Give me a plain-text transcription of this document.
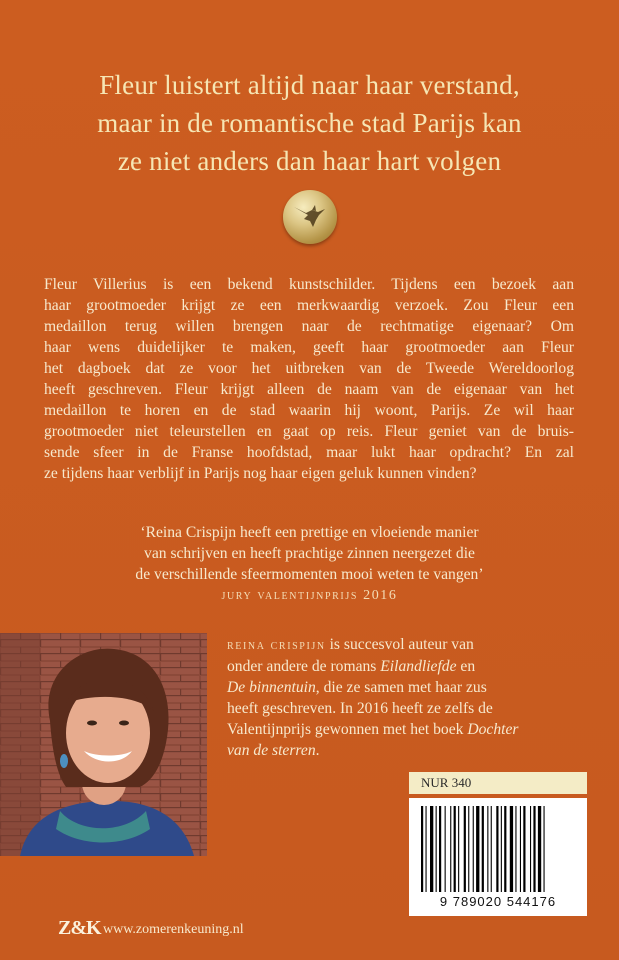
Fleur luistert altijd naar haar verstand,
maar in de romantische stad Parijs kan
ze niet anders dan haar hart volgen
Fleur Villerius is een bekend kunstschilder. Tijdens een bezoek aan
haar grootmoeder krijgt ze een merkwaardig verzoek. Zou Fleur een
medaillon terug willen brengen naar de rechtmatige eigenaar? Om
haar wens duidelijker te maken, geeft haar grootmoeder aan Fleur
het dagboek dat ze voor het uitbreken van de Tweede Wereldoorlog
heeft geschreven. Fleur krijgt alleen de naam van de eigenaar van het
medaillon te horen en de stad waarin hij woont, Parijs. Ze wil haar
grootmoeder niet teleurstellen en gaat op reis. Fleur geniet van de bruis-
sende sfeer in de Franse hoofdstad, maar lukt haar opdracht? En zal
ze tijdens haar verblijf in Parijs nog haar eigen geluk kunnen vinden?
‘Reina Crispijn heeft een prettige en vloeiende manier
van schrijven en heeft prachtige zinnen neergezet die
de verschillende sfeermomenten mooi weten te vangen’
jury valentijnprijs 2016
reina crispijn is succesvol auteur van
onder andere de romans Eilandliefde en
De binnentuin, die ze samen met haar zus
heeft geschreven. In 2016 heeft ze zelfs de
Valentijnprijs gewonnen met het boek Dochter
van de sterren.
NUR 340
9 789020 544176
Z&K www.zomerenkeuning.nl
